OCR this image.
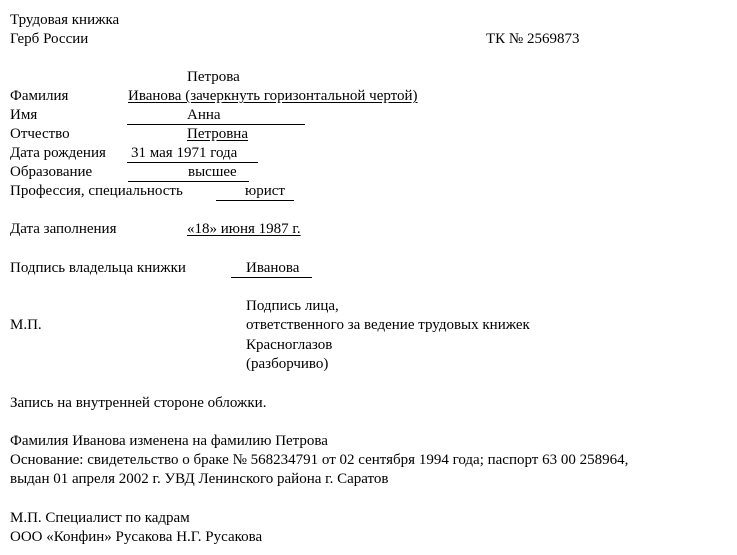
Трудовая книжка
Герб России	ТК № 2569873
Петрова
Фамилия	Иванова (зачеркнуть горизонтальной чертой)
Имя	Анна
Отчество	Петровна
Дата рождения 31 мая 1971 года
Образование	высшее
Профессия, специальность	юрист
Дата заполнения	«18» июня 1987 г.
Подпись владельца книжки	Иванова
Подпись лица,
М.П.	ответственного за ведение трудовых книжек
Красноглазов
(разборчиво)
Запись на внутренней стороне обложки.
Фамилия Иванова изменена на фамилию Петрова
Основание: свидетельство о браке № 568234791 от 02 сентября 1994 года; паспорт 63 00 258964,
выдан 01 апреля 2002 г. УВД Ленинского района г. Саратов
М.П. Специалист по кадрам
ООО «Конфин» Русакова Н.Г. Русакова
